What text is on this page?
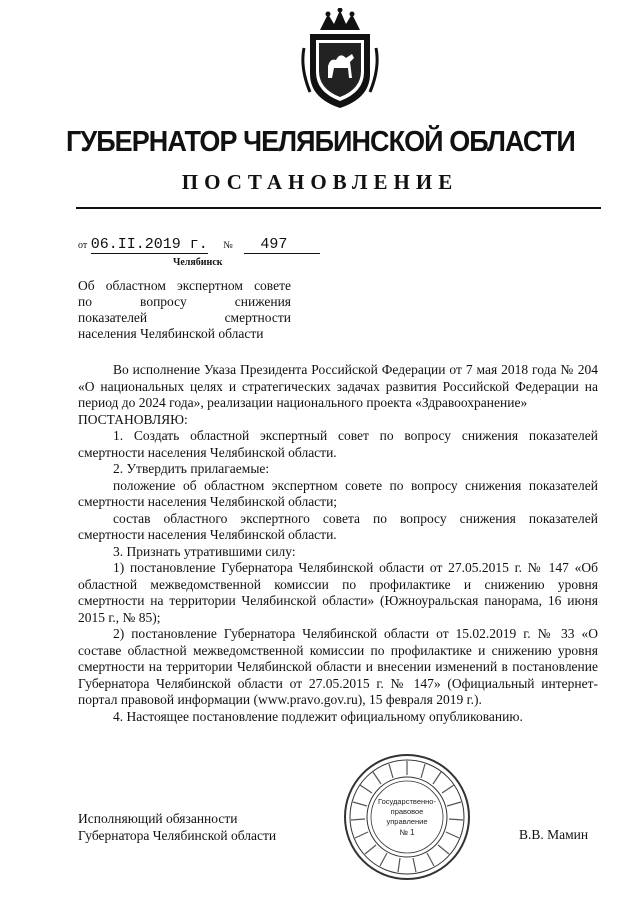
ГУБЕРНАТОР ЧЕЛЯБИНСКОЙ ОБЛАСТИ
ПОСТАНОВЛЕНИЕ
от 06.II.2019 г. № 497
Челябинск
Об областном экспертном совете
по вопросу снижения
показателей смертности
населения Челябинской области

Во исполнение Указа Президента Российской Федерации от 7 мая 2018 года № 204 «О национальных целях и стратегических задачах развития Российской Федерации на период до 2024 года», реализации национального проекта «Здравоохранение»

ПОСТАНОВЛЯЮ:

1. Создать областной экспертный совет по вопросу снижения показателей смертности населения Челябинской области.

2. Утвердить прилагаемые:

положение об областном экспертном совете по вопросу снижения показателей смертности населения Челябинской области;

состав областного экспертного совета по вопросу снижения показателей смертности населения Челябинской области.

3. Признать утратившими силу:

1) постановление Губернатора Челябинской области от 27.05.2015 г. № 147 «Об областной межведомственной комиссии по профилактике и снижению уровня смертности на территории Челябинской области» (Южноуральская панорама, 16 июня 2015 г., № 85);

2) постановление Губернатора Челябинской области от 15.02.2019 г. № 33 «О составе областной межведомственной комиссии по профилактике и снижению уровня смертности на территории Челябинской области и внесении изменений в постановление Губернатора Челябинской области от 27.05.2015 г. № 147» (Официальный интернет-портал правовой информации (www.pravo.gov.ru), 15 февраля 2019 г.).

4. Настоящее постановление подлежит официальному опубликованию.

Исполняющий обязанности
Губернатора Челябинской области	В.В. Мамин
Государственно-
правовое
управление
№ 1
